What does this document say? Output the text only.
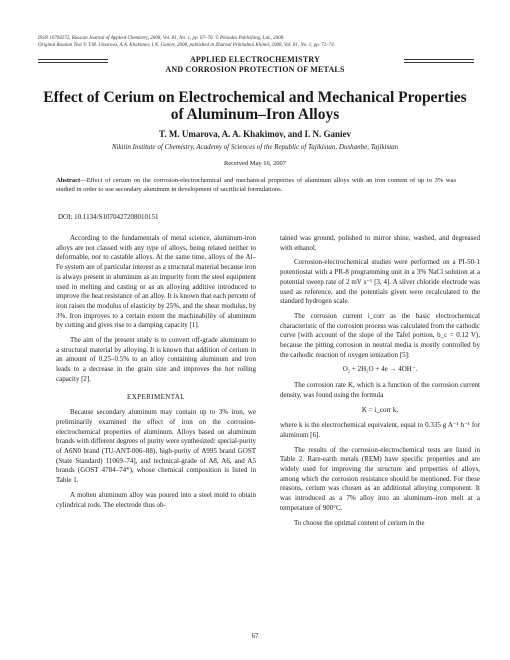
ISSN 10704272, Russian Journal of Applied Chemistry, 2008, Vol. 81, No. 1, pp. 67–70. © Pleiades Publishing, Ltd., 2008.
Original Russian Text © T.M. Umarova, A.A. Khakimov, I.N. Ganiev, 2008, published in Zhurnal Prikladnoi Khimii, 2008, Vol. 81, No. 1, pp. 71–74.
APPLIED ELECTROCHEMISTRY
AND CORROSION PROTECTION OF METALS
Effect of Cerium on Electrochemical and Mechanical Properties
of Aluminum–Iron Alloys
T. M. Umarova, A. A. Khakimov, and I. N. Ganiev
Nikitin Institute of Chemistry, Academy of Sciences of the Republic of Tajikistan, Dushanbe, Tajikistan
Received May 16, 2007
Abstract—Effect of cerium on the corrosion-electrochemical and mechanical properties of aluminum alloys with an iron content of up to 3% was studied in order to use secondary aluminum in development of sacrificial formulations.
DOI: 10.1134/S1070427208010151

According to the fundamentals of metal science, aluminum-iron alloys are not classed with any type of alloys, being related neither to deformable, nor to castable alloys. At the same time, alloys of the Al–Fe system are of particular interest as a structural material because iron is always present in aluminum as an impurity from the steel equipment used in melting and casting or as an alloying additive introduced to improve the heat resistance of an alloy. It is known that each percent of iron raises the modulus of elasticity by 25%, and the shear modulus, by 3%. Iron improves to a certain extent the machinability of aluminum by cutting and gives rise to a damping capacity [1].

The aim of the present study is to convert off-grade aluminum to a structural material by alloying. It is known that addition of cerium in an amount of 0.25–0.5% to an alloy containing aluminum and iron leads to a decrease in the grain size and improves the hot rolling capacity [2].

EXPERIMENTAL

Because secondary aluminum may contain up to 3% iron, we preliminarily examined the effect of iron on the corrosion-electrochemical properties of aluminum. Alloys based on aluminum brands with different degrees of purity were synthesized: special-purity of A6N0 brand (TU-ANT-006–88), high-purity of A995 brand GOST (State Standard) 11069–74], and technical-grade of A8, A6, and A5 brands (GOST 4784–74*), whose chemical composition is listed in Table 1.

A molten aluminum alloy was poured into a steel mold to obtain cylindrical rods. The electrode thus ob-

tained was ground, polished to mirror shine, washed, and degreased with ethanol.

Corrosion-electrochemical studies were performed on a PI-50-1 potentiostat with a PR-8 programming unit in a 3% NaCl solution at a potential sweep rate of 2 mV s⁻¹ [3, 4]. A silver chloride electrode was used as reference, and the potentials given were recalculated to the standard hydrogen scale.

The corrosion current i_corr as the basic electrochemical characteristic of the corrosion process was calculated from the cathodic curve [with account of the slope of the Tafel portion, b_c = 0.12 V), because the pitting corrosion in neutral media is mostly controlled by the cathodic reaction of oxygen ionization [5]:

O₂ + 2H₂O + 4e → 4OH⁻.

The corrosion rate K, which is a function of the corrosion current density, was found using the formula

K = i_corr k,

where k is the electrochemical equivalent, equal to 0.335 g A⁻¹ h⁻¹ for aluminum [6].

The results of the corrosion-electrochemical tests are listed in Table 2. Rare-earth metals (REM) have specific properties and are widely used for improving the structure and properties of alloys, among which the corrosion resistance should be mentioned. For these reasons, cerium was chosen as an additional alloying component. It was introduced as a 7% alloy into an aluminum–iron melt at a temperature of 900°C.

To choose the optimal content of cerium in the

67
